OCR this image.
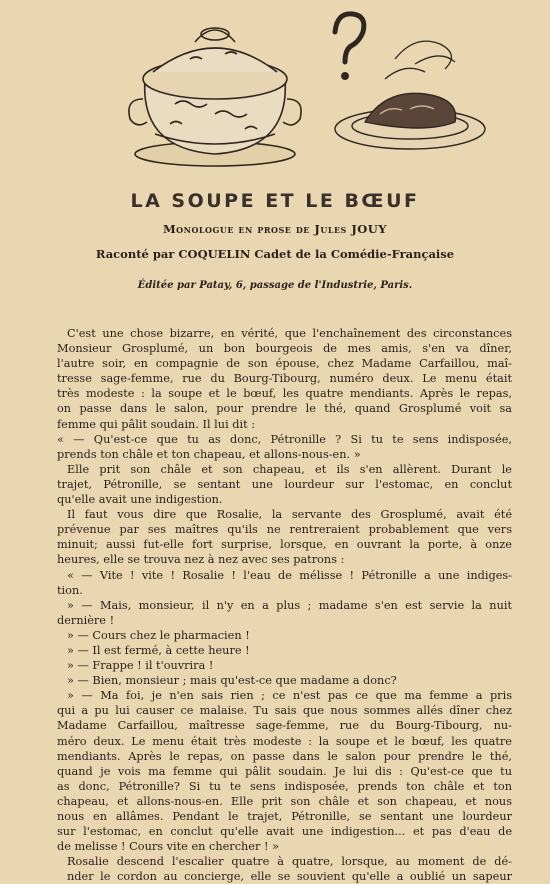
LA SOUPE ET LE BŒUF
Monologue en prose de Jules JOUY
Raconté par COQUELIN Cadet de la Comédie-Française
Éditée par Patay, 6, passage de l'Industrie, Paris.
C'est une chose bizarre, en vérité, que l'enchaînement des circonstances
Monsieur Grosplumé, un bon bourgeois de mes amis, s'en va dîner,
l'autre soir, en compagnie de son épouse, chez Madame Carfaillou, maî-
tresse sage-femme, rue du Bourg-Tibourg, numéro deux. Le menu était
très modeste : la soupe et le bœuf, les quatre mendiants. Après le repas,
on passe dans le salon, pour prendre le thé, quand Grosplumé voit sa
femme qui pâlit soudain. Il lui dit :
« — Qu'est-ce que tu as donc, Pétronille ? Si tu te sens indisposée,
prends ton châle et ton chapeau, et allons-nous-en. »
Elle prit son châle et son chapeau, et ils s'en allèrent. Durant le
trajet, Pétronille, se sentant une lourdeur sur l'estomac, en conclut
qu'elle avait une indigestion.
Il faut vous dire que Rosalie, la servante des Grosplumé, avait été
prévenue par ses maîtres qu'ils ne rentreraient probablement que vers
minuit; aussi fut-elle fort surprise, lorsque, en ouvrant la porte, à onze
heures, elle se trouva nez à nez avec ses patrons :
« — Vite ! vite ! Rosalie ! l'eau de mélisse ! Pétronille a une indiges-
tion.
» — Mais, monsieur, il n'y en a plus ; madame s'en est servie la nuit
dernière !
» — Cours chez le pharmacien !
» — Il est fermé, à cette heure !
» — Frappe ! il t'ouvrira !
» — Bien, monsieur ; mais qu'est-ce que madame a donc?
» — Ma foi, je n'en sais rien ; ce n'est pas ce que ma femme a pris
qui a pu lui causer ce malaise. Tu sais que nous sommes allés dîner chez
Madame Carfaillou, maîtresse sage-femme, rue du Bourg-Tibourg, nu-
méro deux. Le menu était très modeste : la soupe et le bœuf, les quatre
mendiants. Après le repas, on passe dans le salon pour prendre le thé,
quand je vois ma femme qui pâlit soudain. Je lui dis : Qu'est-ce que tu
as donc, Pétronille? Si tu te sens indisposée, prends ton châle et ton
chapeau, et allons-nous-en. Elle prit son châle et son chapeau, et nous
nous en allâmes. Pendant le trajet, Pétronille, se sentant une lourdeur
sur l'estomac, en conclut qu'elle avait une indigestion... et pas d'eau de
de melisse ! Cours vite en chercher ! »
Rosalie descend l'escalier quatre à quatre, lorsque, au moment de dé-
nder le cordon au concierge, elle se souvient qu'elle a oublié un sapeur
